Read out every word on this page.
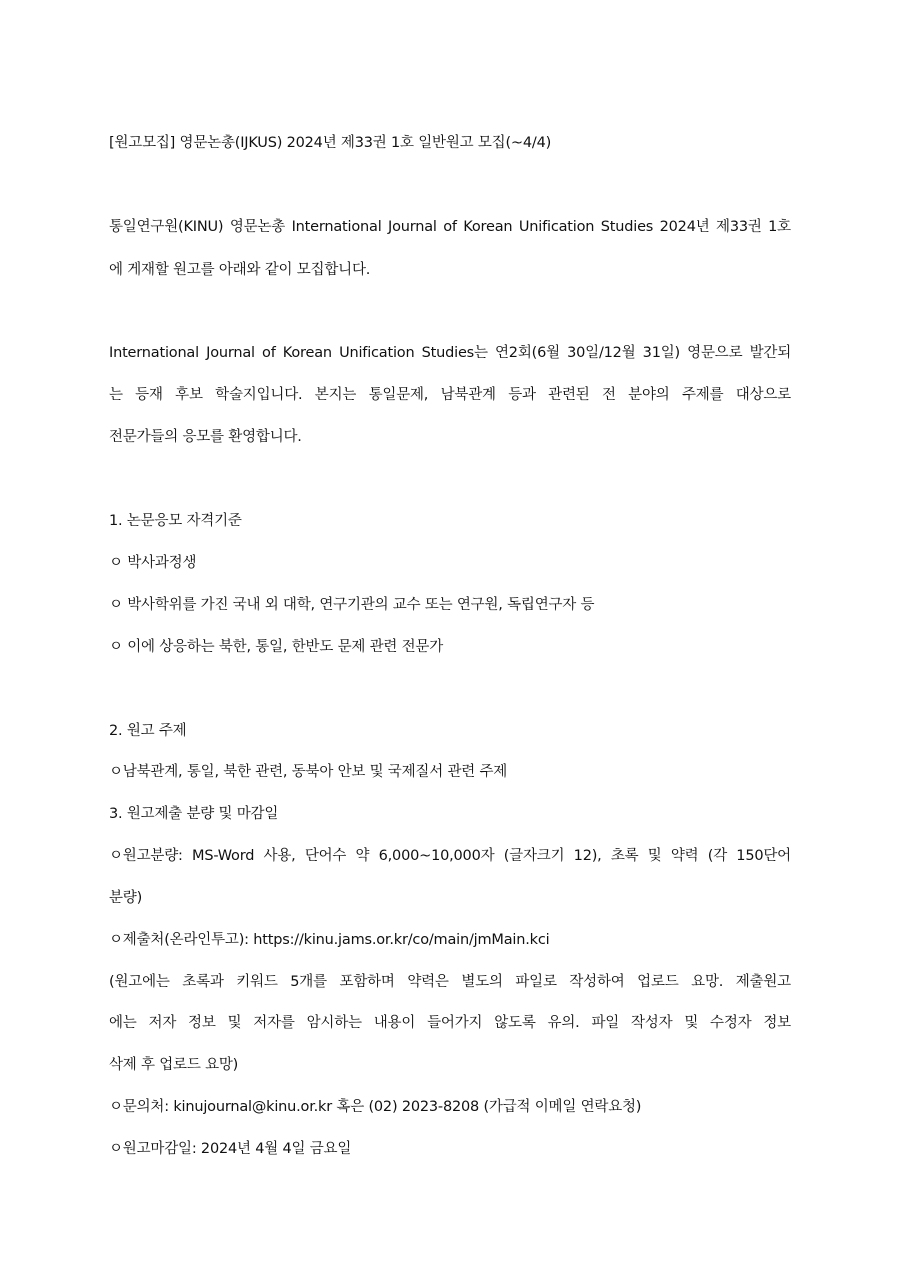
[원고모집] 영문논총(IJKUS) 2024년 제33권 1호 일반원고 모집(~4/4)
통일연구원(KINU) 영문논총 International Journal of Korean Unification Studies 2024년 제33권 1호
에 게재할 원고를 아래와 같이 모집합니다.
International Journal of Korean Unification Studies는 연2회(6월 30일/12월 31일) 영문으로 발간되
는 등재 후보 학술지입니다. 본지는 통일문제, 남북관계 등과 관련된 전 분야의 주제를 대상으로
전문가들의 응모를 환영합니다.
1. 논문응모 자격기준
ㅇ 박사과정생
ㅇ 박사학위를 가진 국내 외 대학, 연구기관의 교수 또는 연구원, 독립연구자 등
ㅇ 이에 상응하는 북한, 통일, 한반도 문제 관련 전문가
2. 원고 주제
ㅇ남북관계, 통일, 북한 관련, 동북아 안보 및 국제질서 관련 주제
3. 원고제출 분량 및 마감일
ㅇ원고분량: MS-Word 사용, 단어수 약 6,000~10,000자 (글자크기 12), 초록 및 약력 (각 150단어
분량)
ㅇ제출처(온라인투고): https://kinu.jams.or.kr/co/main/jmMain.kci
(원고에는 초록과 키워드 5개를 포함하며 약력은 별도의 파일로 작성하여 업로드 요망. 제출원고
에는 저자 정보 및 저자를 암시하는 내용이 들어가지 않도록 유의. 파일 작성자 및 수정자 정보
삭제 후 업로드 요망)
ㅇ문의처: kinujournal@kinu.or.kr 혹은 (02) 2023-8208 (가급적 이메일 연락요청)
ㅇ원고마감일: 2024년 4월 4일 금요일
